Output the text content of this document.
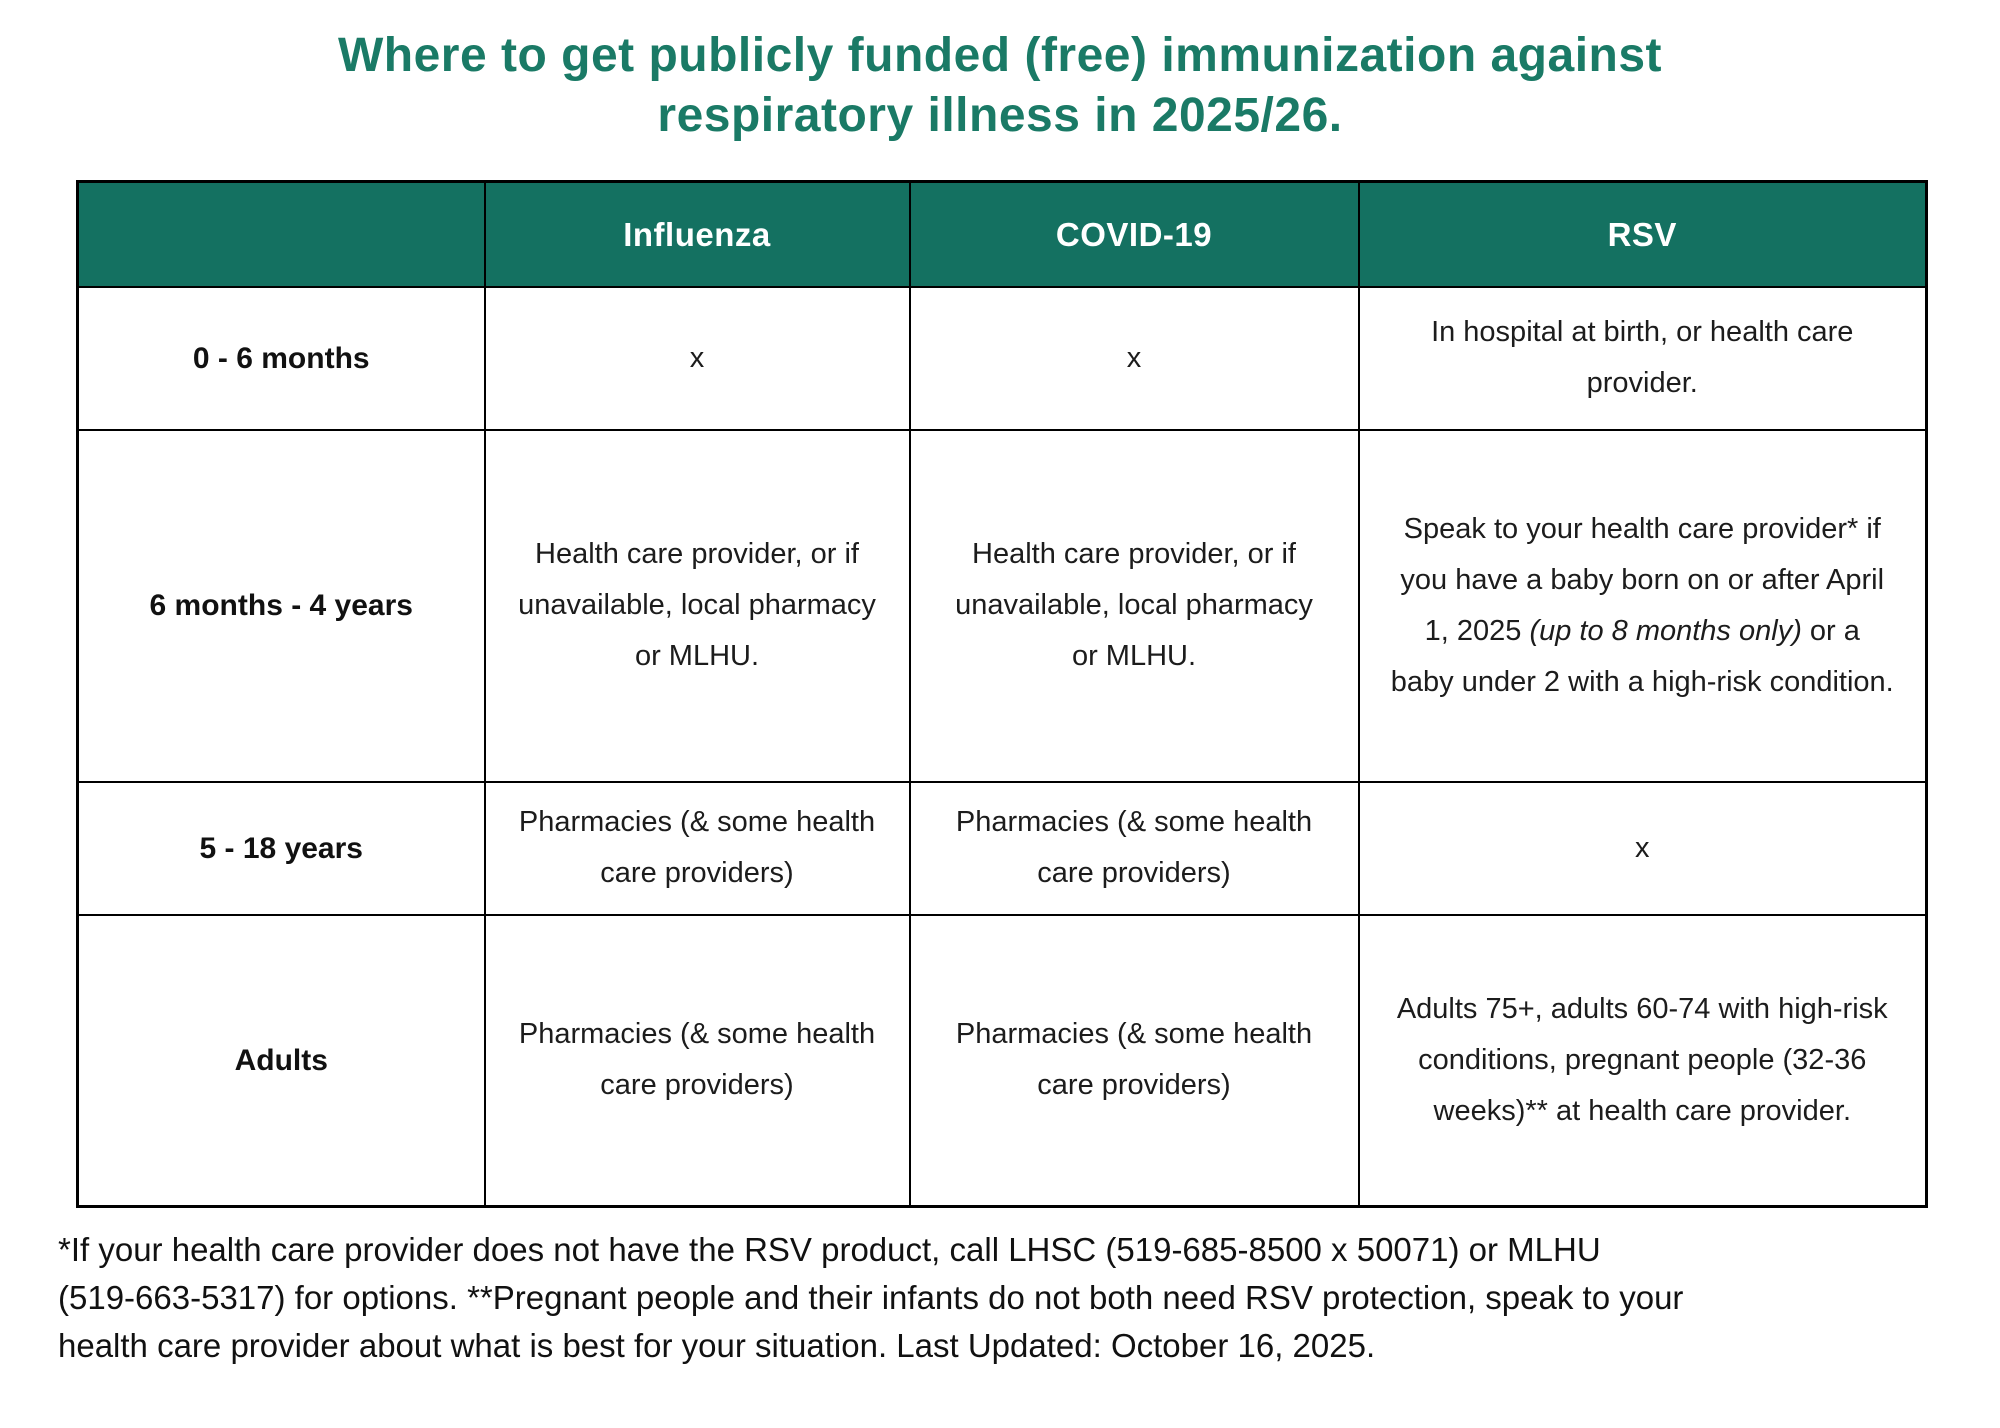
Where to get publicly funded (free) immunization against
respiratory illness in 2025/26.
	Influenza	COVID-19	RSV
0 - 6 months	x	x	In hospital at birth, or health care provider.
6 months - 4 years	Health care provider, or if unavailable, local pharmacy or MLHU.	Health care provider, or if unavailable, local pharmacy or MLHU.	Speak to your health care provider* if you have a baby born on or after April 1, 2025 (up to 8 months only) or a baby under 2 with a high-risk condition.
5 - 18 years	Pharmacies (& some health care providers)	Pharmacies (& some health care providers)	x
Adults	Pharmacies (& some health care providers)	Pharmacies (& some health care providers)	Adults 75+, adults 60-74 with high-risk conditions, pregnant people (32-36 weeks)** at health care provider.
*If your health care provider does not have the RSV product, call LHSC (519-685-8500 x 50071) or MLHU
(519-663-5317) for options. **Pregnant people and their infants do not both need RSV protection, speak to your
health care provider about what is best for your situation. Last Updated: October 16, 2025.
